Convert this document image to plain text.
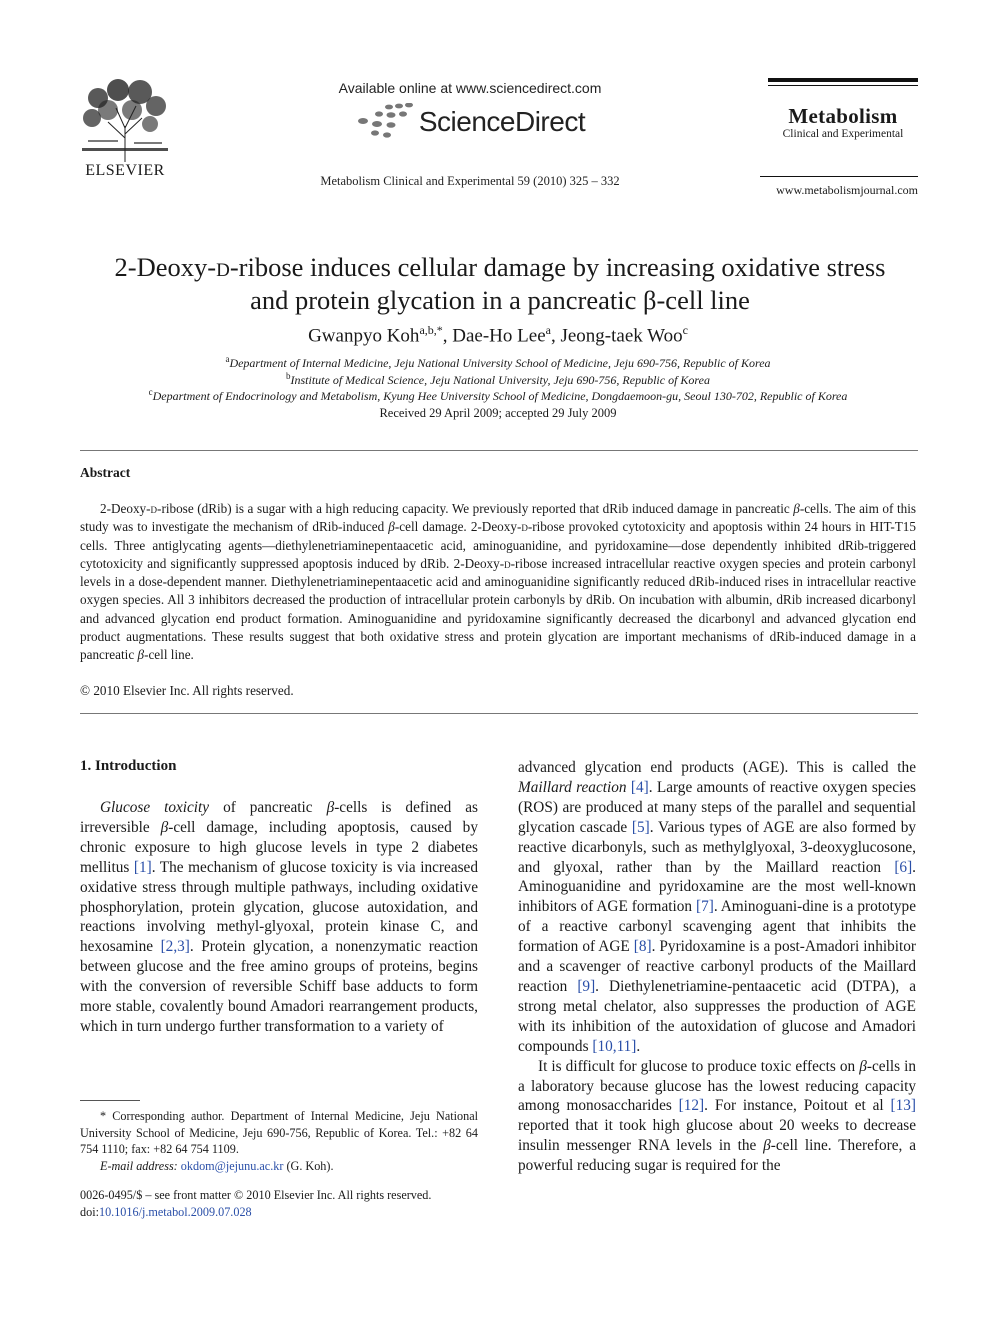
ELSEVIER
Available online at www.sciencedirect.com
ScienceDirect
Metabolism Clinical and Experimental 59 (2010) 325 – 332
Metabolism
Clinical and Experimental
www.metabolismjournal.com
2-Deoxy-d-ribose induces cellular damage by increasing oxidative stress
and protein glycation in a pancreatic β-cell line
Gwanpyo Koh$^{a,b,*}$, Dae-Ho Lee$^a$, Jeong-taek Woo$^c$
$^a$Department of Internal Medicine, Jeju National University School of Medicine, Jeju 690-756, Republic of Korea
$^b$Institute of Medical Science, Jeju National University, Jeju 690-756, Republic of Korea
$^c$Department of Endocrinology and Metabolism, Kyung Hee University School of Medicine, Dongdaemoon-gu, Seoul 130-702, Republic of Korea
Received 29 April 2009; accepted 29 July 2009
Abstract

2-Deoxy-d-ribose (dRib) is a sugar with a high reducing capacity. We previously reported that dRib induced damage in pancreatic β-cells. The aim of this study was to investigate the mechanism of dRib-induced β-cell damage. 2-Deoxy-d-ribose provoked cytotoxicity and apoptosis within 24 hours in HIT-T15 cells. Three antiglycating agents—diethylenetriaminepentaacetic acid, aminoguanidine, and pyridoxamine—dose dependently inhibited dRib-triggered cytotoxicity and significantly suppressed apoptosis induced by dRib. 2-Deoxy-d-ribose increased intracellular reactive oxygen species and protein carbonyl levels in a dose-dependent manner. Diethylenetriaminepentaacetic acid and aminoguanidine significantly reduced dRib-induced rises in intracellular reactive oxygen species. All 3 inhibitors decreased the production of intracellular protein carbonyls by dRib. On incubation with albumin, dRib increased dicarbonyl and advanced glycation end product formation. Aminoguanidine and pyridoxamine significantly decreased the dicarbonyl and advanced glycation end product augmentations. These results suggest that both oxidative stress and protein glycation are important mechanisms of dRib-induced damage in a pancreatic β-cell line.

© 2010 Elsevier Inc. All rights reserved.
1. Introduction

Glucose toxicity of pancreatic β-cells is defined as irreversible β-cell damage, including apoptosis, caused by chronic exposure to high glucose levels in type 2 diabetes mellitus [1]. The mechanism of glucose toxicity is via increased oxidative stress through multiple pathways, including oxidative phosphorylation, protein glycation, glucose autoxidation, and reactions involving methyl-glyoxal, protein kinase C, and hexosamine [2,3]. Protein glycation, a nonenzymatic reaction between glucose and the free amino groups of proteins, begins with the conversion of reversible Schiff base adducts to form more stable, covalently bound Amadori rearrangement products, which in turn undergo further transformation to a variety of

advanced glycation end products (AGE). This is called the Maillard reaction [4]. Large amounts of reactive oxygen species (ROS) are produced at many steps of the parallel and sequential glycation cascade [5]. Various types of AGE are also formed by reactive dicarbonyls, such as methylglyoxal, 3-deoxyglucosone, and glyoxal, rather than by the Maillard reaction [6]. Aminoguanidine and pyridoxamine are the most well-known inhibitors of AGE formation [7]. Aminoguani-dine is a prototype of a reactive carbonyl scavenging agent that inhibits the formation of AGE [8]. Pyridoxamine is a post-Amadori inhibitor and a scavenger of reactive carbonyl products of the Maillard reaction [9]. Diethylenetriamine-pentaacetic acid (DTPA), a strong metal chelator, also suppresses the production of AGE with its inhibition of the autoxidation of glucose and Amadori compounds [10,11].

It is difficult for glucose to produce toxic effects on β-cells in a laboratory because glucose has the lowest reducing capacity among monosaccharides [12]. For instance, Poitout et al [13] reported that it took high glucose about 20 weeks to decrease insulin messenger RNA levels in the β-cell line. Therefore, a powerful reducing sugar is required for the

* Corresponding author. Department of Internal Medicine, Jeju National University School of Medicine, Jeju 690-756, Republic of Korea. Tel.: +82 64 754 1110; fax: +82 64 754 1109.

E-mail address: okdom@jejunu.ac.kr (G. Koh).
0026-0495/$ – see front matter © 2010 Elsevier Inc. All rights reserved.
doi:10.1016/j.metabol.2009.07.028
